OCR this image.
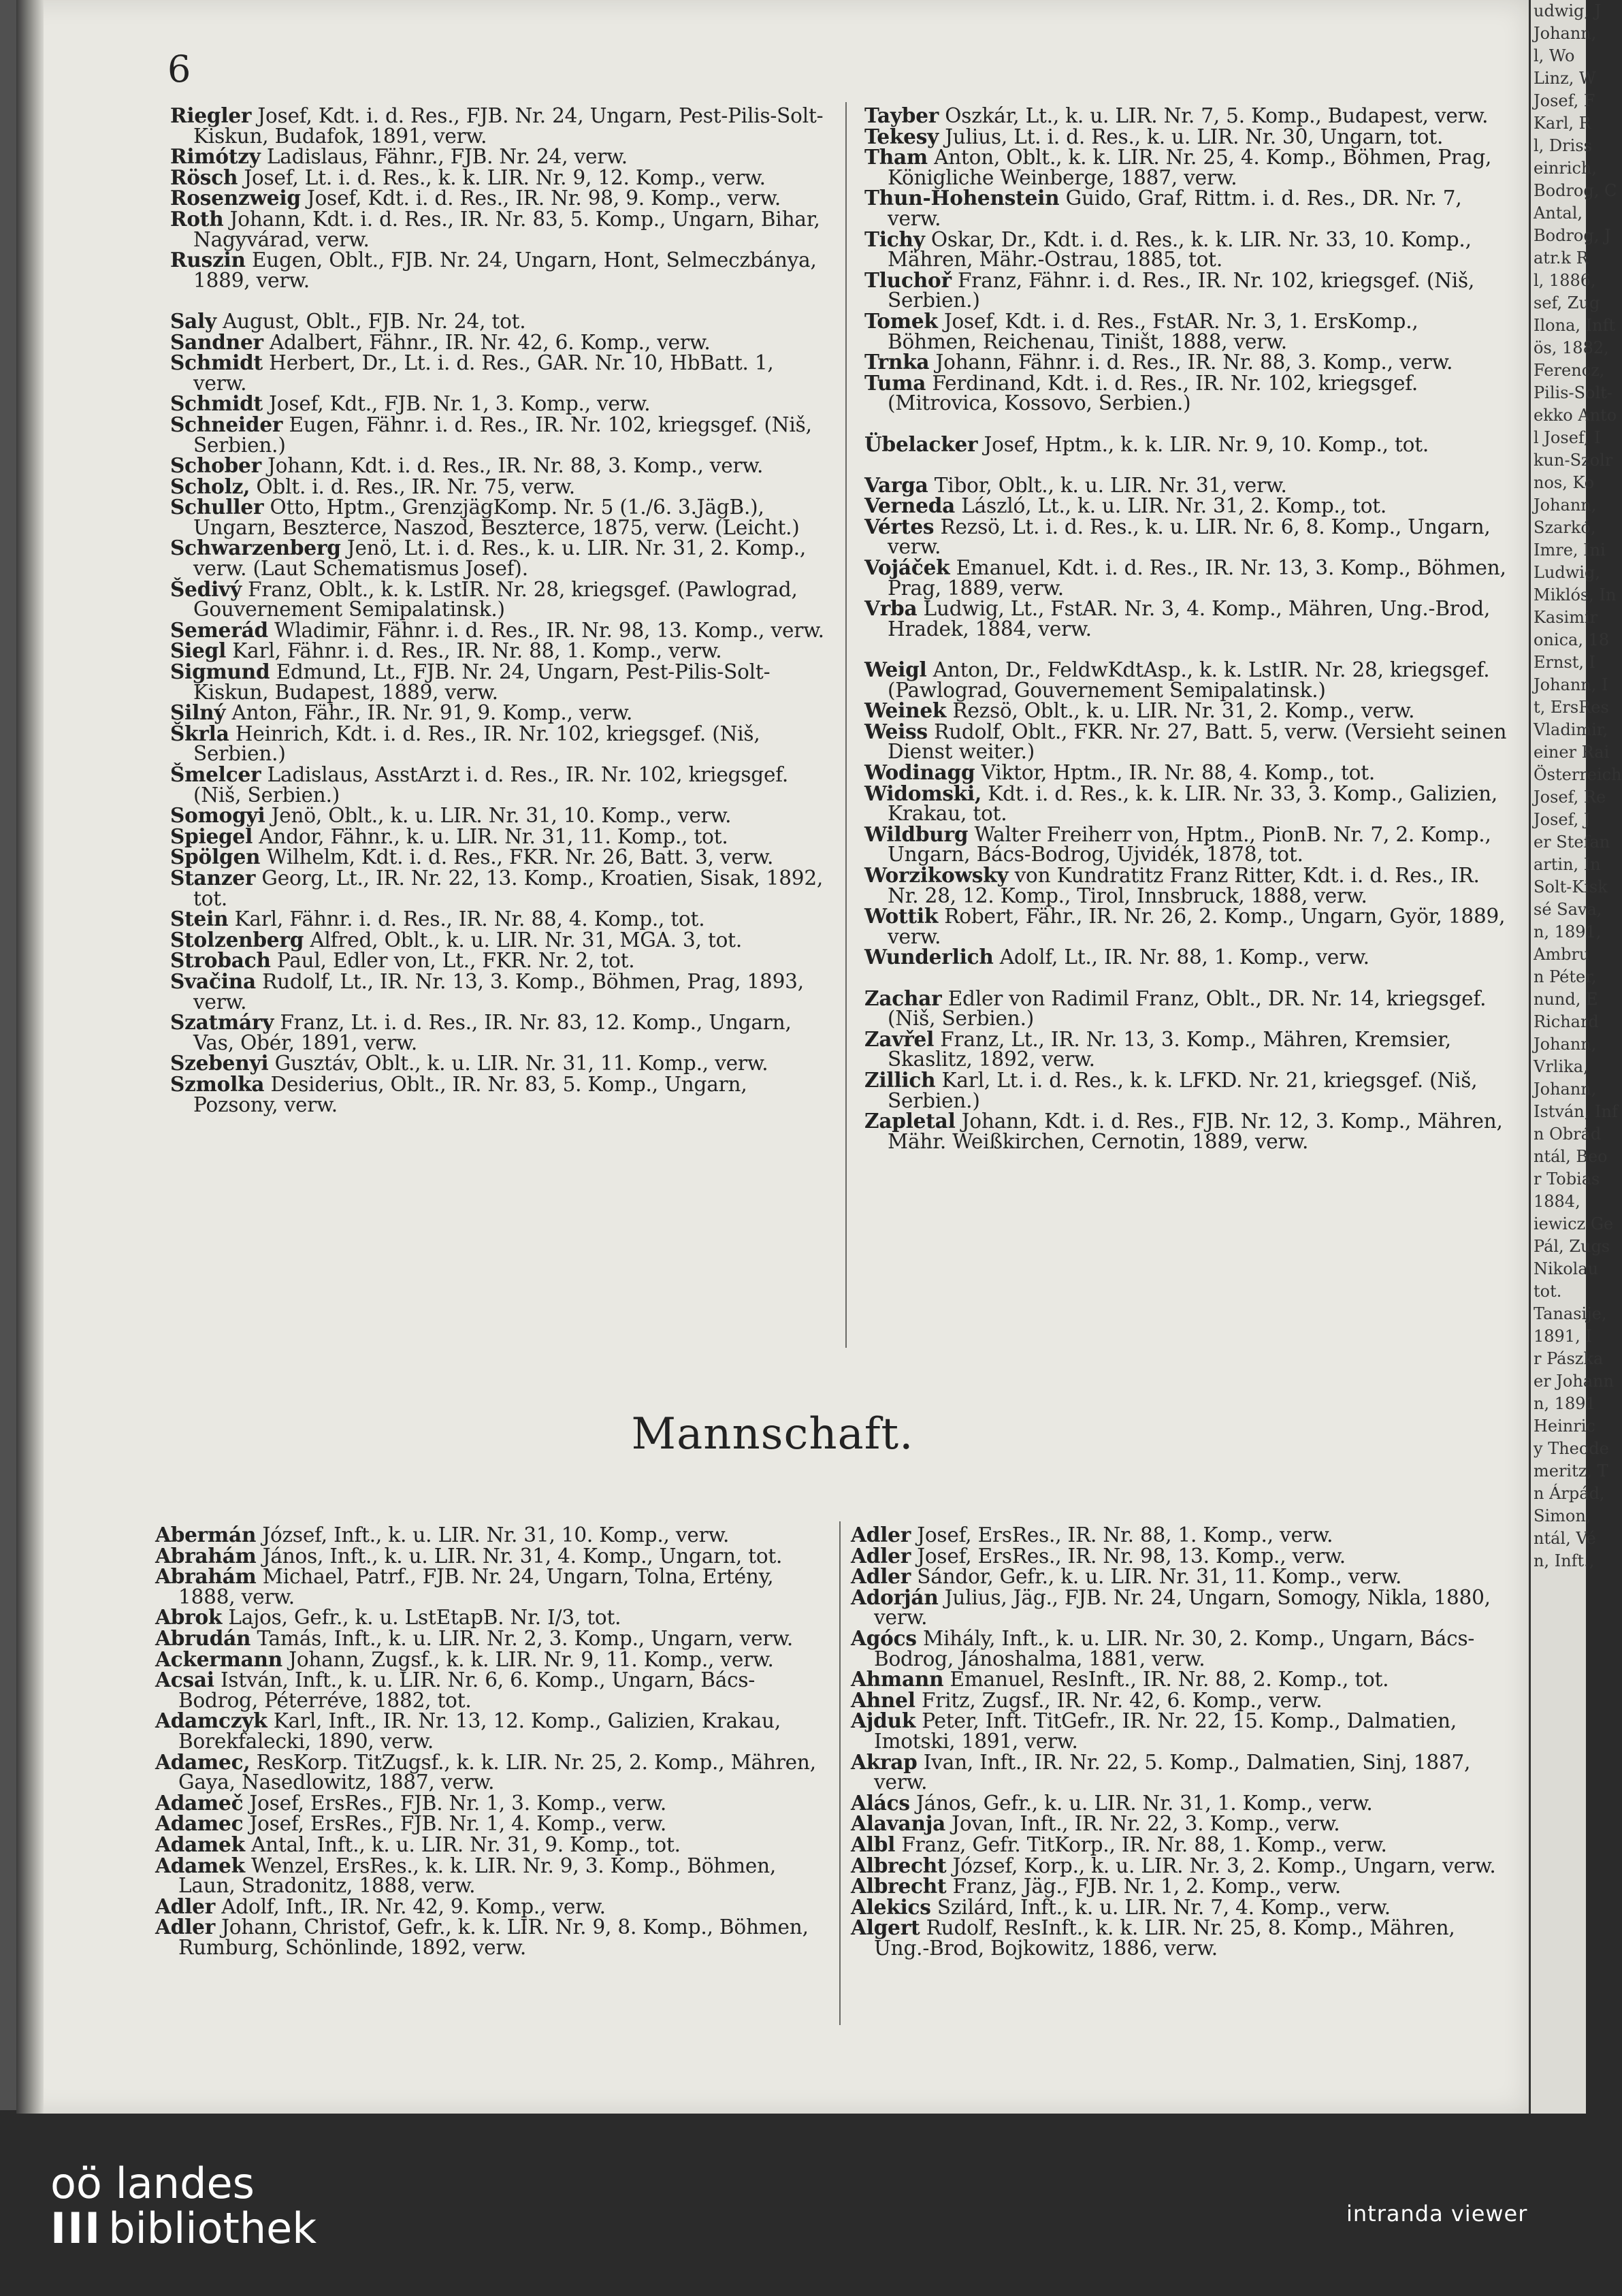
6

Riegler Josef, Kdt. i. d. Res., FJB. Nr. 24, Ungarn, Pest-Pilis-Solt-Kiskun, Budafok, 1891, verw.

Rimótzy Ladislaus, Fähnr., FJB. Nr. 24, verw.

Rösch Josef, Lt. i. d. Res., k. k. LIR. Nr. 9, 12. Komp., verw.

Rosenzweig Josef, Kdt. i. d. Res., IR. Nr. 98, 9. Komp., verw.

Roth Johann, Kdt. i. d. Res., IR. Nr. 83, 5. Komp., Ungarn, Bihar, Nagyvárad, verw.

Ruszin Eugen, Oblt., FJB. Nr. 24, Ungarn, Hont, Selmeczbánya, 1889, verw.

Saly August, Oblt., FJB. Nr. 24, tot.

Sandner Adalbert, Fähnr., IR. Nr. 42, 6. Komp., verw.

Schmidt Herbert, Dr., Lt. i. d. Res., GAR. Nr. 10, HbBatt. 1, verw.

Schmidt Josef, Kdt., FJB. Nr. 1, 3. Komp., verw.

Schneider Eugen, Fähnr. i. d. Res., IR. Nr. 102, kriegsgef. (Niš, Serbien.)

Schober Johann, Kdt. i. d. Res., IR. Nr. 88, 3. Komp., verw.

Scholz, Oblt. i. d. Res., IR. Nr. 75, verw.

Schuller Otto, Hptm., GrenzjägKomp. Nr. 5 (1./6. 3.JägB.), Ungarn, Beszterce, Naszod, Beszterce, 1875, verw. (Leicht.)

Schwarzenberg Jenö, Lt. i. d. Res., k. u. LIR. Nr. 31, 2. Komp., verw. (Laut Schematismus Josef).

Šedivý Franz, Oblt., k. k. LstIR. Nr. 28, kriegsgef. (Pawlograd, Gouvernement Semipalatinsk.)

Semerád Wladimir, Fähnr. i. d. Res., IR. Nr. 98, 13. Komp., verw.

Siegl Karl, Fähnr. i. d. Res., IR. Nr. 88, 1. Komp., verw.

Sigmund Edmund, Lt., FJB. Nr. 24, Ungarn, Pest-Pilis-Solt-Kiskun, Budapest, 1889, verw.

Silný Anton, Fähr., IR. Nr. 91, 9. Komp., verw.

Škrla Heinrich, Kdt. i. d. Res., IR. Nr. 102, kriegsgef. (Niš, Serbien.)

Šmelcer Ladislaus, AsstArzt i. d. Res., IR. Nr. 102, kriegsgef. (Niš, Serbien.)

Somogyi Jenö, Oblt., k. u. LIR. Nr. 31, 10. Komp., verw.

Spiegel Andor, Fähnr., k. u. LIR. Nr. 31, 11. Komp., tot.

Spölgen Wilhelm, Kdt. i. d. Res., FKR. Nr. 26, Batt. 3, verw.

Stanzer Georg, Lt., IR. Nr. 22, 13. Komp., Kroatien, Sisak, 1892, tot.

Stein Karl, Fähnr. i. d. Res., IR. Nr. 88, 4. Komp., tot.

Stolzenberg Alfred, Oblt., k. u. LIR. Nr. 31, MGA. 3, tot.

Strobach Paul, Edler von, Lt., FKR. Nr. 2, tot.

Svačina Rudolf, Lt., IR. Nr. 13, 3. Komp., Böhmen, Prag, 1893, verw.

Szatmáry Franz, Lt. i. d. Res., IR. Nr. 83, 12. Komp., Ungarn, Vas, Obér, 1891, verw.

Szebenyi Gusztáv, Oblt., k. u. LIR. Nr. 31, 11. Komp., verw.

Szmolka Desiderius, Oblt., IR. Nr. 83, 5. Komp., Ungarn, Pozsony, verw.

Tayber Oszkár, Lt., k. u. LIR. Nr. 7, 5. Komp., Budapest, verw.

Tekesy Julius, Lt. i. d. Res., k. u. LIR. Nr. 30, Ungarn, tot.

Tham Anton, Oblt., k. k. LIR. Nr. 25, 4. Komp., Böhmen, Prag, Königliche Weinberge, 1887, verw.

Thun-Hohenstein Guido, Graf, Rittm. i. d. Res., DR. Nr. 7, verw.

Tichy Oskar, Dr., Kdt. i. d. Res., k. k. LIR. Nr. 33, 10. Komp., Mähren, Mähr.-Ostrau, 1885, tot.

Tluchoř Franz, Fähnr. i. d. Res., IR. Nr. 102, kriegsgef. (Niš, Serbien.)

Tomek Josef, Kdt. i. d. Res., FstAR. Nr. 3, 1. ErsKomp., Böhmen, Reichenau, Tiništ, 1888, verw.

Trnka Johann, Fähnr. i. d. Res., IR. Nr. 88, 3. Komp., verw.

Tuma Ferdinand, Kdt. i. d. Res., IR. Nr. 102, kriegsgef. (Mitrovica, Kossovo, Serbien.)

Übelacker Josef, Hptm., k. k. LIR. Nr. 9, 10. Komp., tot.

Varga Tibor, Oblt., k. u. LIR. Nr. 31, verw.

Verneda László, Lt., k. u. LIR. Nr. 31, 2. Komp., tot.

Vértes Rezsö, Lt. i. d. Res., k. u. LIR. Nr. 6, 8. Komp., Ungarn, verw.

Vojáček Emanuel, Kdt. i. d. Res., IR. Nr. 13, 3. Komp., Böhmen, Prag, 1889, verw.

Vrba Ludwig, Lt., FstAR. Nr. 3, 4. Komp., Mähren, Ung.-Brod, Hradek, 1884, verw.

Weigl Anton, Dr., FeldwKdtAsp., k. k. LstIR. Nr. 28, kriegsgef. (Pawlograd, Gouvernement Semipalatinsk.)

Weinek Rezsö, Oblt., k. u. LIR. Nr. 31, 2. Komp., verw.

Weiss Rudolf, Oblt., FKR. Nr. 27, Batt. 5, verw. (Versieht seinen Dienst weiter.)

Wodinagg Viktor, Hptm., IR. Nr. 88, 4. Komp., tot.

Widomski, Kdt. i. d. Res., k. k. LIR. Nr. 33, 3. Komp., Galizien, Krakau, tot.

Wildburg Walter Freiherr von, Hptm., PionB. Nr. 7, 2. Komp., Ungarn, Bács-Bodrog, Ujvidék, 1878, tot.

Worzikowsky von Kundratitz Franz Ritter, Kdt. i. d. Res., IR. Nr. 28, 12. Komp., Tirol, Innsbruck, 1888, verw.

Wottik Robert, Fähr., IR. Nr. 26, 2. Komp., Ungarn, Györ, 1889, verw.

Wunderlich Adolf, Lt., IR. Nr. 88, 1. Komp., verw.

Zachar Edler von Radimil Franz, Oblt., DR. Nr. 14, kriegsgef. (Niš, Serbien.)

Zavřel Franz, Lt., IR. Nr. 13, 3. Komp., Mähren, Kremsier, Skaslitz, 1892, verw.

Zillich Karl, Lt. i. d. Res., k. k. LFKD. Nr. 21, kriegsgef. (Niš, Serbien.)

Zapletal Johann, Kdt. i. d. Res., FJB. Nr. 12, 3. Komp., Mähren, Mähr. Weißkirchen, Cernotin, 1889, verw.

Mannschaft.

Abermán József, Inft., k. u. LIR. Nr. 31, 10. Komp., verw.

Abrahám János, Inft., k. u. LIR. Nr. 31, 4. Komp., Ungarn, tot.

Abrahám Michael, Patrf., FJB. Nr. 24, Ungarn, Tolna, Ertény, 1888, verw.

Abrok Lajos, Gefr., k. u. LstEtapB. Nr. I/3, tot.

Abrudán Tamás, Inft., k. u. LIR. Nr. 2, 3. Komp., Ungarn, verw.

Ackermann Johann, Zugsf., k. k. LIR. Nr. 9, 11. Komp., verw.

Acsai István, Inft., k. u. LIR. Nr. 6, 6. Komp., Ungarn, Bács-Bodrog, Péterréve, 1882, tot.

Adamczyk Karl, Inft., IR. Nr. 13, 12. Komp., Galizien, Krakau, Borekfalecki, 1890, verw.

Adamec, ResKorp. TitZugsf., k. k. LIR. Nr. 25, 2. Komp., Mähren, Gaya, Nasedlowitz, 1887, verw.

Adameč Josef, ErsRes., FJB. Nr. 1, 3. Komp., verw.

Adamec Josef, ErsRes., FJB. Nr. 1, 4. Komp., verw.

Adamek Antal, Inft., k. u. LIR. Nr. 31, 9. Komp., tot.

Adamek Wenzel, ErsRes., k. k. LIR. Nr. 9, 3. Komp., Böhmen, Laun, Stradonitz, 1888, verw.

Adler Adolf, Inft., IR. Nr. 42, 9. Komp., verw.

Adler Johann, Christof, Gefr., k. k. LIR. Nr. 9, 8. Komp., Böhmen, Rumburg, Schönlinde, 1892, verw.

Adler Josef, ErsRes., IR. Nr. 88, 1. Komp., verw.

Adler Josef, ErsRes., IR. Nr. 98, 13. Komp., verw.

Adler Sándor, Gefr., k. u. LIR. Nr. 31, 11. Komp., verw.

Adorján Julius, Jäg., FJB. Nr. 24, Ungarn, Somogy, Nikla, 1880, verw.

Agócs Mihály, Inft., k. u. LIR. Nr. 30, 2. Komp., Ungarn, Bács-Bodrog, Jánoshalma, 1881, verw.

Ahmann Emanuel, ResInft., IR. Nr. 88, 2. Komp., tot.

Ahnel Fritz, Zugsf., IR. Nr. 42, 6. Komp., verw.

Ajduk Peter, Inft. TitGefr., IR. Nr. 22, 15. Komp., Dalmatien, Imotski, 1891, verw.

Akrap Ivan, Inft., IR. Nr. 22, 5. Komp., Dalmatien, Sinj, 1887, verw.

Alács János, Gefr., k. u. LIR. Nr. 31, 1. Komp., verw.

Alavanja Jovan, Inft., IR. Nr. 22, 3. Komp., verw.

Albl Franz, Gefr. TitKorp., IR. Nr. 88, 1. Komp., verw.

Albrecht József, Korp., k. u. LIR. Nr. 3, 2. Komp., Ungarn, verw.

Albrecht Franz, Jäg., FJB. Nr. 1, 2. Komp., verw.

Alekics Szilárd, Inft., k. u. LIR. Nr. 7, 4. Komp., verw.

Algert Rudolf, ResInft., k. k. LIR. Nr. 25, 8. Komp., Mähren, Ung.-Brod, Bojkowitz, 1886, verw.

udwig, J
Johann,
l, Wo
Linz, W
Josef, F
Karl, R
l, Driss
einrich,
Bodrog, C
Antal,
Bodrog, J
atr.k R
l, 1886,
sef, Zug
Ilona, Inft
ös, 1882,
Ferencz,
Pilis-Solt-
ekko Anto
l Josef, I
kun-Szolr
nos, Ko
Johann,
Szarkó,
Imre, Ini
Ludwig,
Miklós, In
Kasimir
onica, 18
Ernst, I
Johann, I
t, ErsRes
Vladimir,
einer Rai
Österreich
Josef, Re
Josef, J
er Stefan
artin, In
Solt-Kisk
sé Sava,
n, 1891,
Ambru
n Péter,
nund, E
Richard
Johann,
Vrlika,
Johann,
István, Inf
n Obrád
ntál, Beo
r Tobias
1884,
iewicz Ge
Pál, Zugs
Nikolau
tot.
Tanasije,
1891, I
r Pászka
er Johann
n, 1891
Heinric
y Theode
meritz, T
n Árpád,
Simon,
ntál, Vé
n, Inft.,
oö landes
III bibliothek	intranda viewer
